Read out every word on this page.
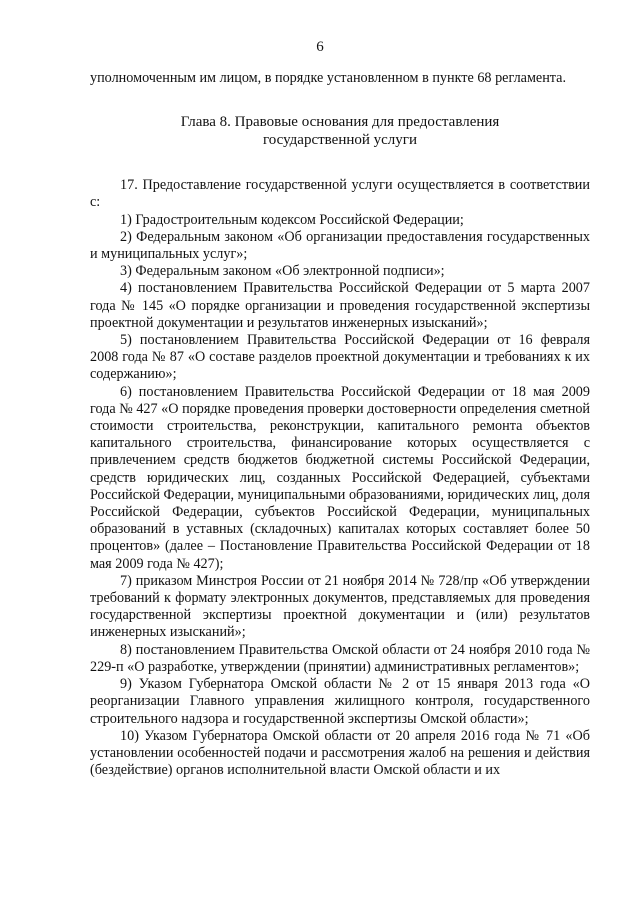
6

уполномоченным им лицом, в порядке установленном в пункте 68 регламента.

Глава 8. Правовые основания для предоставления
государственной услуги

17. Предоставление государственной услуги осуществляется в соответствии с:

1) Градостроительным кодексом Российской Федерации;

2) Федеральным законом «Об организации предоставления государственных и муниципальных услуг»;

3) Федеральным законом «Об электронной подписи»;

4) постановлением Правительства Российской Федерации от 5 марта 2007 года № 145 «О порядке организации и проведения государственной экспертизы проектной документации и результатов инженерных изысканий»;

5) постановлением Правительства Российской Федерации от 16 февраля 2008 года № 87 «О составе разделов проектной документации и требованиях к их содержанию»;

6) постановлением Правительства Российской Федерации от 18 мая 2009 года № 427 «О порядке проведения проверки достоверности определения сметной стоимости строительства, реконструкции, капитального ремонта объектов капитального строительства, финансирование которых осуществляется с привлечением средств бюджетов бюджетной системы Российской Федерации, средств юридических лиц, созданных Российской Федерацией, субъектами Российской Федерации, муниципальными образованиями, юридических лиц, доля Российской Федерации, субъектов Российской Федерации, муниципальных образований в уставных (складочных) капиталах которых составляет более 50 процентов» (далее – Постановление Правительства Российской Федерации от 18 мая 2009 года № 427);

7) приказом Минстроя России от 21 ноября 2014 № 728/пр «Об утверждении требований к формату электронных документов, представляемых для проведения государственной экспертизы проектной документации и (или) результатов инженерных изысканий»;

8) постановлением Правительства Омской области от 24 ноября 2010 года № 229-п «О разработке, утверждении (принятии) административных регламентов»;

9) Указом Губернатора Омской области № 2 от 15 января 2013 года «О реорганизации Главного управления жилищного контроля, государственного строительного надзора и государственной экспертизы Омской области»;

10) Указом Губернатора Омской области от 20 апреля 2016 года № 71 «Об установлении особенностей подачи и рассмотрения жалоб на решения и действия (бездействие) органов исполнительной власти Омской области и их
